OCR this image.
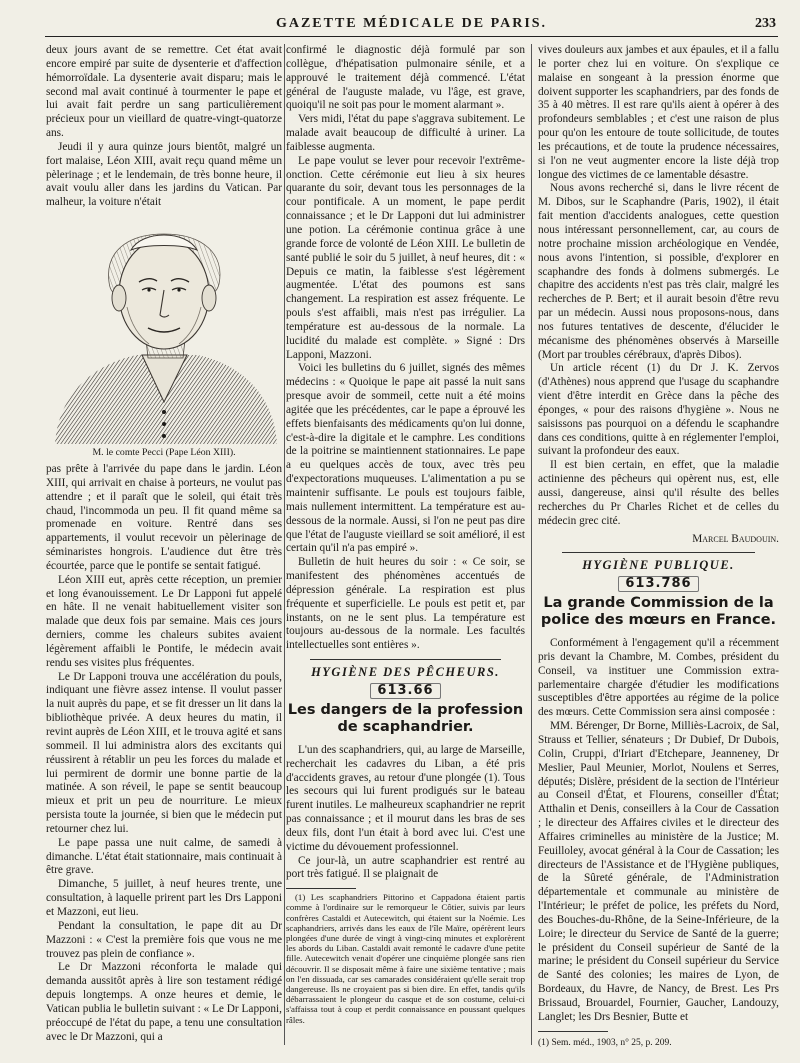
GAZETTE MÉDICALE DE PARIS.	233

deux jours avant de se remettre. Cet état avait encore empiré par suite de dysenterie et d'affection hémorroïdale. La dysenterie avait disparu; mais le second mal avait continué à tourmenter le pape et lui avait fait perdre un sang particulièrement précieux pour un vieillard de quatre-vingt-quatorze ans.

Jeudi il y aura quinze jours bientôt, malgré un fort malaise, Léon XIII, avait reçu quand même un pèlerinage ; et le lendemain, de très bonne heure, il avait voulu aller dans les jardins du Vatican. Par malheur, la voiture n'était

M. le comte Pecci (Pape Léon XIII).

pas prête à l'arrivée du pape dans le jardin. Léon XIII, qui arrivait en chaise à porteurs, ne voulut pas attendre ; et il paraît que le soleil, qui était très chaud, l'incommoda un peu. Il fit quand même sa promenade en voiture. Rentré dans ses appartements, il voulut recevoir un pèlerinage de séminaristes hongrois. L'audience dut être très écourtée, parce que le pontife se sentait fatigué.

Léon XIII eut, après cette réception, un premier et long évanouissement. Le Dr Lapponi fut appelé en hâte. Il ne venait habituellement visiter son malade que deux fois par semaine. Mais ces jours derniers, comme les chaleurs subites avaient légèrement affaibli le Pontife, le médecin avait rendu ses visites plus fréquentes.

Le Dr Lapponi trouva une accélération du pouls, indiquant une fièvre assez intense. Il voulut passer la nuit auprès du pape, et se fit dresser un lit dans la bibliothèque privée. A deux heures du matin, il revint auprès de Léon XIII, et le trouva agité et sans sommeil. Il lui administra alors des excitants qui réussirent à rétablir un peu les forces du malade et lui permirent de dormir une bonne partie de la matinée. A son réveil, le pape se sentit beaucoup mieux et prit un peu de nourriture. Le mieux persista toute la journée, si bien que le médecin put retourner chez lui.

Le pape passa une nuit calme, de samedi à dimanche. L'état était stationnaire, mais continuait à être grave.

Dimanche, 5 juillet, à neuf heures trente, une consultation, à laquelle prirent part les Drs Lapponi et Mazzoni, eut lieu.

Pendant la consultation, le pape dit au Dr Mazzoni : « C'est la première fois que vous ne me trouvez pas plein de confiance ».

Le Dr Mazzoni réconforta le malade qui demanda aussitôt après à lire son testament rédigé depuis longtemps. A onze heures et demie, le Vatican publia le bulletin suivant : « Le Dr Lapponi, préoccupé de l'état du pape, a tenu une consultation avec le Dr Mazzoni, qui a

confirmé le diagnostic déjà formulé par son collègue, d'hépatisation pulmonaire sénile, et a approuvé le traitement déjà commencé. L'état général de l'auguste malade, vu l'âge, est grave, quoiqu'il ne soit pas pour le moment alarmant ».

Vers midi, l'état du pape s'aggrava subitement. Le malade avait beaucoup de difficulté à uriner. La faiblesse augmenta.

Le pape voulut se lever pour recevoir l'extrême-onction. Cette cérémonie eut lieu à six heures quarante du soir, devant tous les personnages de la cour pontificale. A un moment, le pape perdit connaissance ; et le Dr Lapponi dut lui administrer une potion. La cérémonie continua grâce à une grande force de volonté de Léon XIII. Le bulletin de santé publié le soir du 5 juillet, à neuf heures, dit : « Depuis ce matin, la faiblesse s'est légèrement augmentée. L'état des poumons est sans changement. La respiration est assez fréquente. Le pouls s'est affaibli, mais n'est pas irrégulier. La température est au-dessous de la normale. La lucidité du malade est complète. » Signé : Drs Lapponi, Mazzoni.

Voici les bulletins du 6 juillet, signés des mêmes médecins : « Quoique le pape ait passé la nuit sans presque avoir de sommeil, cette nuit a été moins agitée que les précédentes, car le pape a éprouvé les effets bienfaisants des médicaments qu'on lui donne, c'est-à-dire la digitale et le camphre. Les conditions de la poitrine se maintiennent stationnaires. Le pape a eu quelques accès de toux, avec très peu d'expectorations muqueuses. L'alimentation a pu se maintenir suffisante. Le pouls est toujours faible, mais nullement intermittent. La température est au-dessous de la normale. Aussi, si l'on ne peut pas dire que l'état de l'auguste vieillard se soit amélioré, il est certain qu'il n'a pas empiré ».

Bulletin de huit heures du soir : « Ce soir, se manifestent des phénomènes accentués de dépression générale. La respiration est plus fréquente et superficielle. Le pouls est petit et, par instants, on ne le sent plus. La température est toujours au-dessous de la normale. Les facultés intellectuelles sont entières ».

HYGIÈNE DES PÊCHEURS.

613.66

Les dangers de la profession de scaphandrier.

L'un des scaphandriers, qui, au large de Marseille, recherchait les cadavres du Liban, a été pris d'accidents graves, au retour d'une plongée (1). Tous les secours qui lui furent prodigués sur le bateau furent inutiles. Le malheureux scaphandrier ne reprit pas connaissance ; et il mourut dans les bras de ses deux fils, dont l'un était à bord avec lui. C'est une victime du dévouement professionnel.

Ce jour-là, un autre scaphandrier est rentré au port très fatigué. Il se plaignait de

(1) Les scaphandriers Pittorino et Cappadona étaient partis comme à l'ordinaire sur le remorqueur le Côtier, suivis par leurs confrères Castaldi et Autecewitch, qui étaient sur la Noémie. Les scaphandriers, arrivés dans les eaux de l'île Maïre, opérèrent leurs plongées d'une durée de vingt à vingt-cinq minutes et explorèrent les abords du Liban. Castaldi avait remonté le cadavre d'une petite fille. Autecewitch venait d'opérer une cinquième plongée sans rien découvrir. Il se disposait même à faire une sixième tentative ; mais on l'en dissuada, car ses camarades considéraient qu'elle serait trop dangereuse. Ils ne croyaient pas si bien dire. En effet, tandis qu'ils débarrassaient le plongeur du casque et de son costume, celui-ci s'affaissa tout à coup et perdit connaissance en poussant quelques râles.

vives douleurs aux jambes et aux épaules, et il a fallu le porter chez lui en voiture. On s'explique ce malaise en songeant à la pression énorme que doivent supporter les scaphandriers, par des fonds de 35 à 40 mètres. Il est rare qu'ils aient à opérer à des profondeurs semblables ; et c'est une raison de plus pour qu'on les entoure de toute sollicitude, de toutes les précautions, et de toute la prudence nécessaires, si l'on ne veut augmenter encore la liste déjà trop longue des victimes de ce lamentable désastre.

Nous avons recherché si, dans le livre récent de M. Dibos, sur le Scaphandre (Paris, 1902), il était fait mention d'accidents analogues, cette question nous intéressant personnellement, car, au cours de notre prochaine mission archéologique en Vendée, nous avons l'intention, si possible, d'explorer en scaphandre des fonds à dolmens submergés. Le chapitre des accidents n'est pas très clair, malgré les recherches de P. Bert; et il aurait besoin d'être revu par un médecin. Aussi nous proposons-nous, dans nos futures tentatives de descente, d'élucider le mécanisme des phénomènes observés à Marseille (Mort par troubles cérébraux, d'après Dibos).

Un article récent (1) du Dr J. K. Zervos (d'Athènes) nous apprend que l'usage du scaphandre vient d'être interdit en Grèce dans la pêche des éponges, « pour des raisons d'hygiène ». Nous ne saisissons pas pourquoi on a défendu le scaphandre dans ces conditions, quitte à en réglementer l'emploi, suivant la profondeur des eaux.

Il est bien certain, en effet, que la maladie actinienne des pêcheurs qui opèrent nus, est, elle aussi, dangereuse, ainsi qu'il résulte des belles recherches du Pr Charles Richet et de celles du médecin grec cité.

Marcel Baudouin.

HYGIÈNE PUBLIQUE.

613.786

La grande Commission de la police des mœurs en France.

Conformément à l'engagement qu'il a récemment pris devant la Chambre, M. Combes, président du Conseil, va instituer une Commission extra-parlementaire chargée d'étudier les modifications susceptibles d'être apportées au régime de la police des mœurs. Cette Commission sera ainsi composée :

MM. Bérenger, Dr Borne, Milliès-Lacroix, de Sal, Strauss et Tellier, sénateurs ; Dr Dubief, Dr Dubois, Colin, Cruppi, d'Iriart d'Etchepare, Jeanneney, Dr Meslier, Paul Meunier, Morlot, Noulens et Serres, députés; Dislère, président de la section de l'Intérieur au Conseil d'État, et Flourens, conseiller d'État; Atthalin et Denis, conseillers à la Cour de Cassation ; le directeur des Affaires civiles et le directeur des Affaires criminelles au ministère de la Justice; M. Feuilloley, avocat général à la Cour de Cassation; les directeurs de l'Assistance et de l'Hygiène publiques, de la Sûreté générale, de l'Administration départementale et communale au ministère de l'Intérieur; le préfet de police, les préfets du Nord, des Bouches-du-Rhône, de la Seine-Inférieure, de la Loire; le directeur du Service de Santé de la guerre; le président du Conseil supérieur de Santé de la marine; le président du Conseil supérieur du Service de Santé des colonies; les maires de Lyon, de Bordeaux, du Havre, de Nancy, de Brest. Les Prs Brissaud, Brouardel, Fournier, Gaucher, Landouzy, Langlet; les Drs Besnier, Butte et

(1) Sem. méd., 1903, n° 25, p. 209.
